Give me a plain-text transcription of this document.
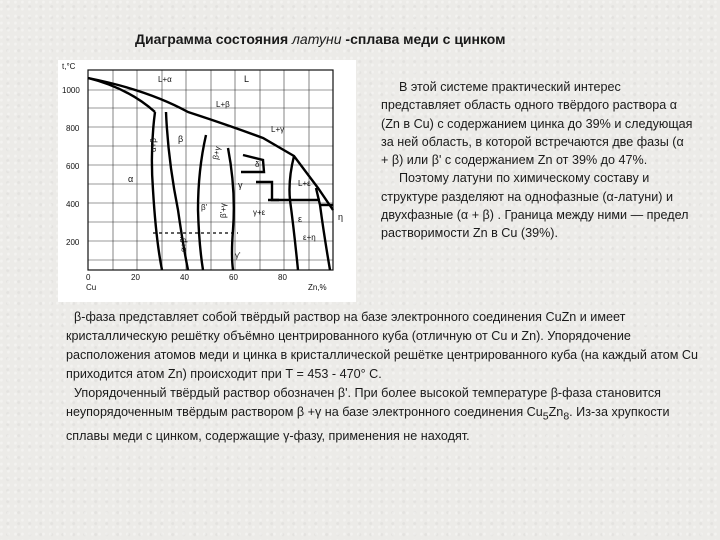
Диаграмма состояния латуни -сплава меди с цинком
t,°C
1000
800
600
400
200
0	20	40	60	80
Cu	Zn,%
L
L+α
L+β
L+γ
L+ε
α+β
α
β
β+γ
β'+γ
β'
α+β'
γ
γ'
γ+ε
δ
ε
ε+η
η

В этой системе практический интерес представляет область одного твёрдого раствора α (Zn в Cu) с содержанием цинка до 39% и следующая за ней область, в которой встречаются две фазы (α + β) или β' с содержанием Zn от 39% до 47%.

Поэтому латуни по химическому составу и структуре разделяют на однофазные (α-латуни) и двухфазные (α + β) . Граница между ними — предел растворимости Zn в Cu (39%).

β-фаза представляет собой твёрдый раствор на базе электронного соединения CuZn и имеет кристаллическую решётку объёмно центрированного куба (отличную от Cu и Zn). Упорядочение расположения атомов меди и цинка в кристаллической решётке центрированного куба (на каждый атом Cu приходится атом Zn) происходит при Т = 453 - 470° С.

Упорядоченный твёрдый раствор обозначен β'. При более высокой температуре β-фаза становится неупорядоченным твёрдым раствором β +γ на базе электронного соединения $Cu_5Zn_8$. Из-за хрупкости сплавы меди с цинком, содержащие γ-фазу, применения не находят.
